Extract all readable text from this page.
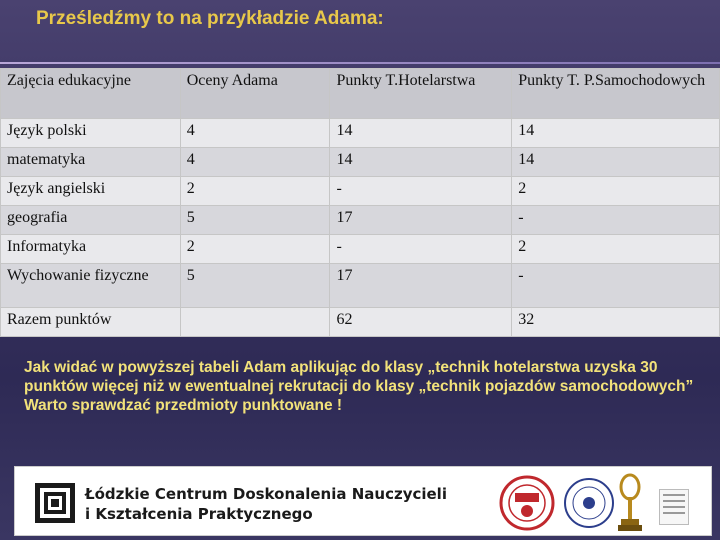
Prześledźmy to na przykładzie Adama:
Zajęcia edukacyjne	Oceny Adama	Punkty T.Hotelarstwa	Punkty T. P.Samochodowych
Język polski	4	14	14
matematyka	4	14	14
Język angielski	2	-	2
geografia	5	17	-
Informatyka	2	-	2
Wychowanie fizyczne	5	17	-
Razem punktów		62	32
Jak widać w powyższej tabeli Adam aplikując do klasy „technik hotelarstwa uzyska 30 punktów więcej niż w ewentualnej rekrutacji do klasy „technik pojazdów samochodowych”
Warto sprawdzać przedmioty punktowane !
Łódzkie Centrum Doskonalenia Nauczycieli
i Kształcenia Praktycznego
